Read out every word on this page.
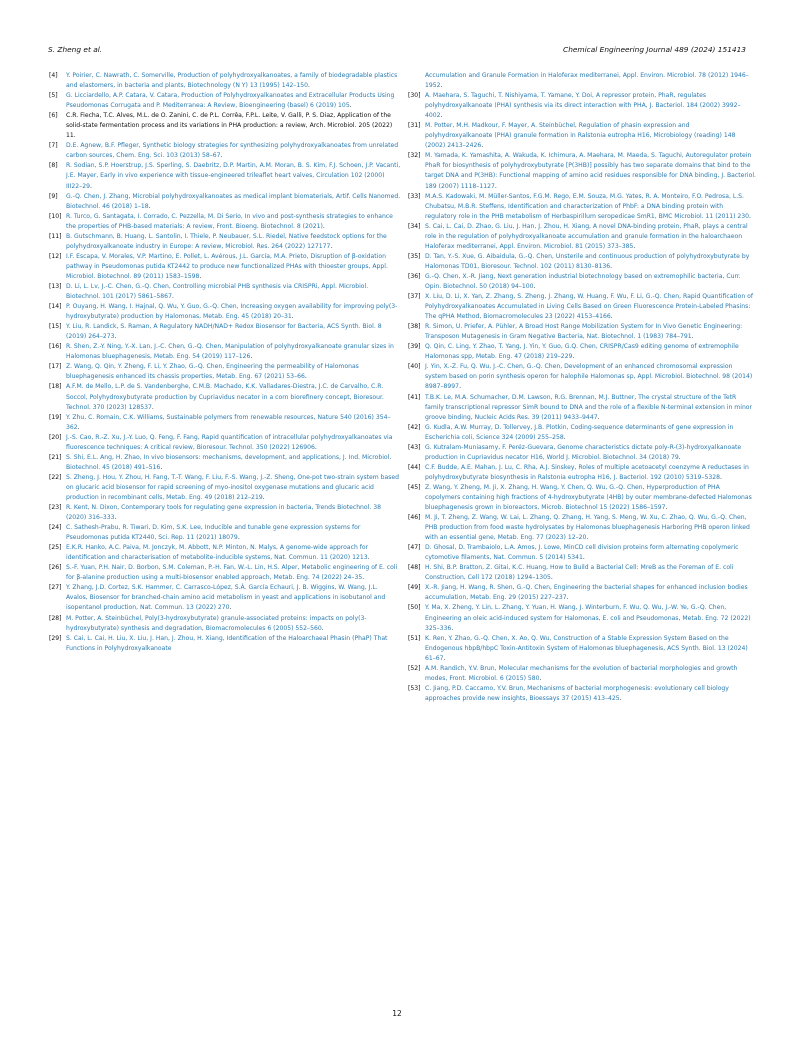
S. Zheng et al.	Chemical Engineering Journal 489 (2024) 151413
[4] Y. Poirier, C. Nawrath, C. Somerville, Production of polyhydroxyalkanoates, a family of biodegradable plastics and elastomers, in bacteria and plants, Biotechnology (N Y) 13 (1995) 142–150.
[5] G. Licciardello, A.P. Catara, V. Catara, Production of Polyhydroxyalkanoates and Extracellular Products Using Pseudomonas Corrugata and P. Mediterranea: A Review, Bioengineering (basel) 6 (2019) 105.
[6] C.R. Fiecha, T.C. Alves, M.L. de O. Zanini, C. de P.L. Corrêa, F.P.L. Leite, V. Galli, P. S. Diaz, Application of the solid-state fermentation process and its variations in PHA production: a review, Arch. Microbiol. 205 (2022) 11.
[7] D.E. Agnew, B.F. Pfleger, Synthetic biology strategies for synthesizing polyhydroxyalkanoates from unrelated carbon sources, Chem. Eng. Sci. 103 (2013) 58–67.
[8] R. Sodian, S.P. Hoerstrup, J.S. Sperling, S. Daebritz, D.P. Martin, A.M. Moran, B. S. Kim, F.J. Schoen, J.P. Vacanti, J.E. Mayer, Early in vivo experience with tissue-engineered trileaflet heart valves, Circulation 102 (2000) III22–29.
[9] G.-Q. Chen, J. Zhang, Microbial polyhydroxyalkanoates as medical implant biomaterials, Artif. Cells Nanomed. Biotechnol. 46 (2018) 1–18.
[10] R. Turco, G. Santagata, I. Corrado, C. Pezzella, M. Di Serio, In vivo and post-synthesis strategies to enhance the properties of PHB-based materials: A review, Front. Bioeng. Biotechnol. 8 (2021).
[11] B. Gutschmann, B. Huang, L. Santolin, I. Thiele, P. Neubauer, S.L. Riedel, Native feedstock options for the polyhydroxyalkanoate industry in Europe: A review, Microbiol. Res. 264 (2022) 127177.
[12] I.F. Escapa, V. Morales, V.P. Martino, E. Pollet, L. Avérous, J.L. García, M.A. Prieto, Disruption of β-oxidation pathway in Pseudomonas putida KT2442 to produce new functionalized PHAs with thioester groups, Appl. Microbiol. Biotechnol. 89 (2011) 1583–1598.
[13] D. Li, L. Lv, J.-C. Chen, G.-Q. Chen, Controlling microbial PHB synthesis via CRISPRi, Appl. Microbiol. Biotechnol. 101 (2017) 5861–5867.
[14] P. Ouyang, H. Wang, I. Hajnal, Q. Wu, Y. Guo, G.-Q. Chen, Increasing oxygen availability for improving poly(3-hydroxybutyrate) production by Halomonas, Metab. Eng. 45 (2018) 20–31.
[15] Y. Liu, R. Landick, S. Raman, A Regulatory NADH/NAD+ Redox Biosensor for Bacteria, ACS Synth. Biol. 8 (2019) 264–273.
[16] R. Shen, Z.-Y. Ning, Y.-X. Lan, J.-C. Chen, G.-Q. Chen, Manipulation of polyhydroxyalkanoate granular sizes in Halomonas bluephagenesis, Metab. Eng. 54 (2019) 117–126.
[17] Z. Wang, Q. Qin, Y. Zheng, F. Li, Y. Zhao, G.-Q. Chen, Engineering the permeability of Halomonas bluephagenesis enhanced its chassis properties, Metab. Eng. 67 (2021) 53–66.
[18] A.F.M. de Mello, L.P. de S. Vandenberghe, C.M.B. Machado, K.K. Valladares-Diestra, J.C. de Carvalho, C.R. Soccol, Polyhydroxybutyrate production by Cupriavidus necator in a corn biorefinery concept, Bioresour. Technol. 370 (2023) 128537.
[19] Y. Zhu, C. Romain, C.K. Williams, Sustainable polymers from renewable resources, Nature 540 (2016) 354–362.
[20] J.-S. Cao, R.-Z. Xu, J.-Y. Luo, Q. Feng, F. Fang, Rapid quantification of intracellular polyhydroxyalkanoates via fluorescence techniques: A critical review, Bioresour. Technol. 350 (2022) 126906.
[21] S. Shi, E.L. Ang, H. Zhao, In vivo biosensors: mechanisms, development, and applications, J. Ind. Microbiol. Biotechnol. 45 (2018) 491–516.
[22] S. Zheng, J. Hou, Y. Zhou, H. Fang, T.-T. Wang, F. Liu, F.-S. Wang, J.-Z. Sheng, One-pot two-strain system based on glucaric acid biosensor for rapid screening of myo-inositol oxygenase mutations and glucaric acid production in recombinant cells, Metab. Eng. 49 (2018) 212–219.
[23] R. Kent, N. Dixon, Contemporary tools for regulating gene expression in bacteria, Trends Biotechnol. 38 (2020) 316–333.
[24] C. Sathesh-Prabu, R. Tiwari, D. Kim, S.K. Lee, Inducible and tunable gene expression systems for Pseudomonas putida KT2440, Sci. Rep. 11 (2021) 18079.
[25] E.K.R. Hanko, A.C. Paiva, M. Jonczyk, M. Abbott, N.P. Minton, N. Malys, A genome-wide approach for identification and characterisation of metabolite-inducible systems, Nat. Commun. 11 (2020) 1213.
[26] S.-F. Yuan, P.H. Nair, D. Borbon, S.M. Coleman, P.-H. Fan, W.-L. Lin, H.S. Alper, Metabolic engineering of E. coli for β-alanine production using a multi-biosensor enabled approach, Metab. Eng. 74 (2022) 24–35.
[27] Y. Zhang, J.D. Cortez, S.K. Hammer, C. Carrasco-López, S.Á. García Echauri, J. B. Wiggins, W. Wang, J.L. Avalos, Biosensor for branched-chain amino acid metabolism in yeast and applications in isobutanol and isopentanol production, Nat. Commun. 13 (2022) 270.
[28] M. Potter, A. Steinbüchel, Poly(3-hydroxybutyrate) granule-associated proteins: impacts on poly(3-hydroxybutyrate) synthesis and degradation, Biomacromolecules 6 (2005) 552–560.
[29] S. Cai, L. Cai, H. Liu, X. Liu, J. Han, J. Zhou, H. Xiang, Identification of the Haloarchaeal Phasin (PhaP) That Functions in Polyhydroxyalkanoate
Accumulation and Granule Formation in Haloferax mediterranei, Appl. Environ. Microbiol. 78 (2012) 1946–1952.
[30] A. Maehara, S. Taguchi, T. Nishiyama, T. Yamane, Y. Doi, A repressor protein, PhaR, regulates polyhydroxyalkanoate (PHA) synthesis via its direct interaction with PHA, J. Bacteriol. 184 (2002) 3992–4002.
[31] M. Potter, M.H. Madkour, F. Mayer, A. Steinbüchel, Regulation of phasin expression and polyhydroxyalkanoate (PHA) granule formation in Ralstonia eutropha H16, Microbiology (reading) 148 (2002) 2413–2426.
[32] M. Yamada, K. Yamashita, A. Wakuda, K. Ichimura, A. Maehara, M. Maeda, S. Taguchi, Autoregulator protein PhaR for biosynthesis of polyhydroxybutyrate [P(3HB)] possibly has two separate domains that bind to the target DNA and P(3HB): Functional mapping of amino acid residues responsible for DNA binding, J. Bacteriol. 189 (2007) 1118–1127.
[33] M.A.S. Kadowaki, M. Müller-Santos, F.G.M. Rego, E.M. Souza, M.G. Yates, R. A. Monteiro, F.O. Pedrosa, L.S. Chubatsu, M.B.R. Steffens, Identification and characterization of PhbF: a DNA binding protein with regulatory role in the PHB metabolism of Herbaspirillum seropedicae SmR1, BMC Microbiol. 11 (2011) 230.
[34] S. Cai, L. Cai, D. Zhao, G. Liu, J. Han, J. Zhou, H. Xiang, A novel DNA-binding protein, PhaR, plays a central role in the regulation of polyhydroxyalkanoate accumulation and granule formation in the haloarchaeon Haloferax mediterranei, Appl. Environ. Microbiol. 81 (2015) 373–385.
[35] D. Tan, Y.-S. Xue, G. Aibaidula, G.-Q. Chen, Unsterile and continuous production of polyhydroxybutyrate by Halomonas TD01, Bioresour. Technol. 102 (2011) 8130–8136.
[36] G.-Q. Chen, X.-R. Jiang, Next generation industrial biotechnology based on extremophilic bacteria, Curr. Opin. Biotechnol. 50 (2018) 94–100.
[37] X. Liu, D. Li, X. Yan, Z. Zhang, S. Zheng, J. Zhang, W. Huang, F. Wu, F. Li, G.-Q. Chen, Rapid Quantification of Polyhydroxyalkanoates Accumulated in Living Cells Based on Green Fluorescence Protein-Labeled Phasins: The qPHA Method, Biomacromolecules 23 (2022) 4153–4166.
[38] R. Simon, U. Priefer, A. Pühler, A Broad Host Range Mobilization System for In Vivo Genetic Engineering: Transposon Mutagenesis in Gram Negative Bacteria, Nat. Biotechnol. 1 (1983) 784–791.
[39] Q. Qin, C. Ling, Y. Zhao, T. Yang, J. Yin, Y. Guo, G.Q. Chen, CRISPR/Cas9 editing genome of extremophile Halomonas spp, Metab. Eng. 47 (2018) 219–229.
[40] J. Yin, X.-Z. Fu, Q. Wu, J.-C. Chen, G.-Q. Chen, Development of an enhanced chromosomal expression system based on porin synthesis operon for halophile Halomonas sp, Appl. Microbiol. Biotechnol. 98 (2014) 8987–8997.
[41] T.B.K. Le, M.A. Schumacher, D.M. Lawson, R.G. Brennan, M.J. Buttner, The crystal structure of the TetR family transcriptional repressor SimR bound to DNA and the role of a flexible N-terminal extension in minor groove binding, Nucleic Acids Res. 39 (2011) 9433–9447.
[42] G. Kudla, A.W. Murray, D. Tollervey, J.B. Plotkin, Coding-sequence determinants of gene expression in Escherichia coli, Science 324 (2009) 255–258.
[43] G. Kutralam-Muniasamy, F. Peréz-Guevara, Genome characteristics dictate poly-R-(3)-hydroxyalkanoate production in Cupriavidus necator H16, World J. Microbiol. Biotechnol. 34 (2018) 79.
[44] C.F. Budde, A.E. Mahan, J. Lu, C. Rha, A.J. Sinskey, Roles of multiple acetoacetyl coenzyme A reductases in polyhydroxybutyrate biosynthesis in Ralstonia eutropha H16, J. Bacteriol. 192 (2010) 5319–5328.
[45] Z. Wang, Y. Zheng, M. Ji, X. Zhang, H. Wang, Y. Chen, Q. Wu, G.-Q. Chen, Hyperproduction of PHA copolymers containing high fractions of 4-hydroxybutyrate (4HB) by outer membrane-defected Halomonas bluephagenesis grown in bioreactors, Microb. Biotechnol 15 (2022) 1586–1597.
[46] M. Ji, T. Zheng, Z. Wang, W. Lai, L. Zhang, Q. Zhang, H. Yang, S. Meng, W. Xu, C. Zhao, Q. Wu, G.-Q. Chen, PHB production from food waste hydrolysates by Halomonas bluephagenesis Harboring PHB operon linked with an essential gene, Metab. Eng. 77 (2023) 12–20.
[47] D. Ghosal, D. Trambaiolo, L.A. Amos, J. Lowe, MinCD cell division proteins form alternating copolymeric cytomotive filaments, Nat. Commun. 5 (2014) 5341.
[48] H. Shi, B.P. Bratton, Z. Gitai, K.C. Huang, How to Build a Bacterial Cell: MreB as the Foreman of E. coli Construction, Cell 172 (2018) 1294–1305.
[49] X.-R. Jiang, H. Wang, R. Shen, G.-Q. Chen, Engineering the bacterial shapes for enhanced inclusion bodies accumulation, Metab. Eng. 29 (2015) 227–237.
[50] Y. Ma, X. Zheng, Y. Lin, L. Zhang, Y. Yuan, H. Wang, J. Winterburn, F. Wu, Q. Wu, J.-W. Ye, G.-Q. Chen, Engineering an oleic acid-induced system for Halomonas, E. coli and Pseudomonas, Metab. Eng. 72 (2022) 325–336.
[51] K. Ren, Y. Zhao, G.-Q. Chen, X. Ao, Q. Wu, Construction of a Stable Expression System Based on the Endogenous hbpB/hbpC Toxin-Antitoxin System of Halomonas bluephagenesis, ACS Synth. Biol. 13 (2024) 61–67.
[52] A.M. Randich, Y.V. Brun, Molecular mechanisms for the evolution of bacterial morphologies and growth modes, Front. Microbiol. 6 (2015) 580.
[53] C. Jiang, P.D. Caccamo, Y.V. Brun, Mechanisms of bacterial morphogenesis: evolutionary cell biology approaches provide new insights, Bioessays 37 (2015) 413–425.
12
